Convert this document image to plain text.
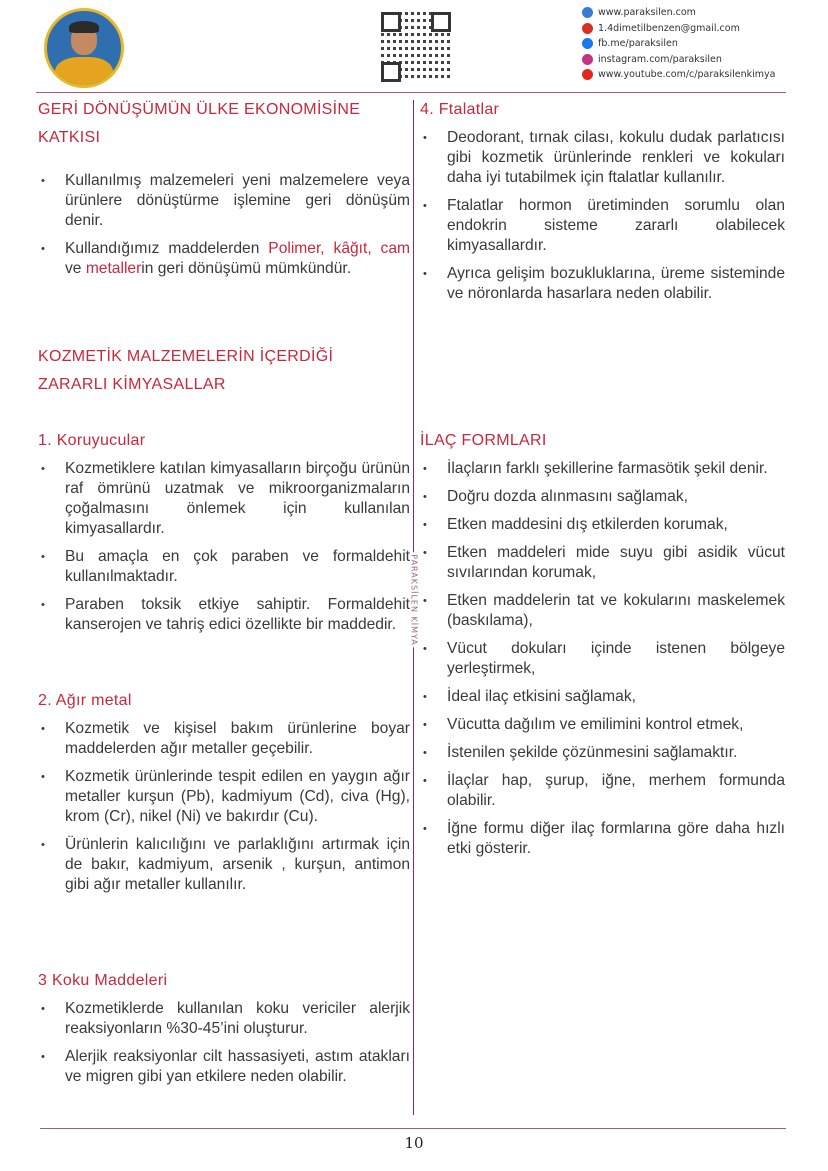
www.paraksilen.com
1.4dimetilbenzen@gmail.com
fb.me/paraksilen
instagram.com/paraksilen
www.youtube.com/c/paraksilenkimya
PARAKSİLEN KİMYA
GERİ DÖNÜŞÜMÜN ÜLKE EKONOMİSİNE
KATKISI
• Kullanılmış malzemeleri yeni malzemelere veya ürünlere dönüştürme işlemine geri dönüşüm denir.
• Kullandığımız maddelerden Polimer, kâğıt, cam ve metallerin geri dönüşümü mümkündür.
KOZMETİK MALZEMELERİN İÇERDİĞİ
ZARARLI KİMYASALLAR
1. Koruyucular
• Kozmetiklere katılan kimyasalların birçoğu ürünün raf ömrünü uzatmak ve mikroorganizmaların çoğalmasını önlemek için kullanılan kimyasallardır.
• Bu amaçla en çok paraben ve formaldehit kullanılmaktadır.
• Paraben toksik etkiye sahiptir. Formaldehit kanserojen ve tahriş edici özellikte bir maddedir.
2. Ağır metal
• Kozmetik ve kişisel bakım ürünlerine boyar maddelerden ağır metaller geçebilir.
• Kozmetik ürünlerinde tespit edilen en yaygın ağır metaller kurşun (Pb), kadmiyum (Cd), civa (Hg), krom (Cr), nikel (Ni) ve bakırdır (Cu).
• Ürünlerin kalıcılığını ve parlaklığını artırmak için de bakır, kadmiyum, arsenik , kurşun, antimon gibi ağır metaller kullanılır.
3 Koku Maddeleri
• Kozmetiklerde kullanılan koku vericiler alerjik reaksiyonların %30-45’ini oluşturur.
• Alerjik reaksiyonlar cilt hassasiyeti, astım atakları ve migren gibi yan etkilere neden olabilir.
4. Ftalatlar
• Deodorant, tırnak cilası, kokulu dudak parlatıcısı gibi kozmetik ürünlerinde renkleri ve kokuları daha iyi tutabilmek için ftalatlar kullanılır.
• Ftalatlar hormon üretiminden sorumlu olan endokrin sisteme zararlı olabilecek kimyasallardır.
• Ayrıca gelişim bozukluklarına, üreme sisteminde ve nöronlarda hasarlara neden olabilir.
İLAÇ FORMLARI
• İlaçların farklı şekillerine farmasötik şekil denir.
• Doğru dozda alınmasını sağlamak,
• Etken maddesini dış etkilerden korumak,
• Etken maddeleri mide suyu gibi asidik vücut sıvılarından korumak,
• Etken maddelerin tat ve kokularını maskelemek (baskılama),
• Vücut dokuları içinde istenen bölgeye yerleştirmek,
• İdeal ilaç etkisini sağlamak,
• Vücutta dağılım ve emilimini kontrol etmek,
• İstenilen şekilde çözünmesini sağlamaktır.
• İlaçlar hap, şurup, iğne, merhem formunda olabilir.
• İğne formu diğer ilaç formlarına göre daha hızlı etki gösterir.
10
